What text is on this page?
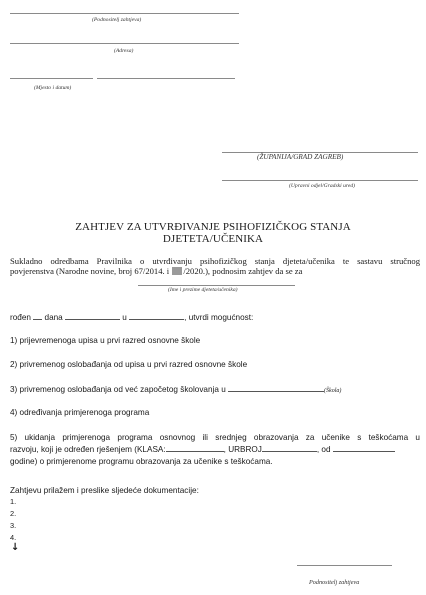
(Podnositelj zahtjeva)
(Adresa)
(Mjesto i datum)
(ŽUPANIJA/GRAD ZAGREB)
(Upravni odjel/Gradski ured)
ZAHTJEV ZA UTVRĐIVANJE PSIHOFIZIČKOG STANJA
DJETETA/UČENIKA
Sukladno odredbama Pravilnika o utvrđivanju psihofizičkog stanja djeteta/učenika te sastavu stručnog
povjerenstva (Narodne novine, broj 67/2014. i /2020.), podnosim zahtjev da se za
(Ime i prezime djeteta/učenika)
rođen dana	u	, utvrdi mogućnost:
1) prijevremenoga upisa u prvi razred osnovne škole
2) privremenog oslobađanja od upisa u prvi razred osnovne škole
3) privremenog oslobađanja od već započetog školovanja u	(Škola)
4) određivanja primjerenoga programa
5) ukidanja primjerenoga programa osnovnog ili srednjeg obrazovanja za učenike s teškoćama u
razvoju, koji je određen rješenjem (KLASA:	, URBROJ	, od
godine) o primjerenome programu obrazovanja za učenike s teškoćama.
Zahtjevu prilažem i preslike sljedeće dokumentacije:
1.
2.
3.
4.
↓
Podnositelj zahtjeva
